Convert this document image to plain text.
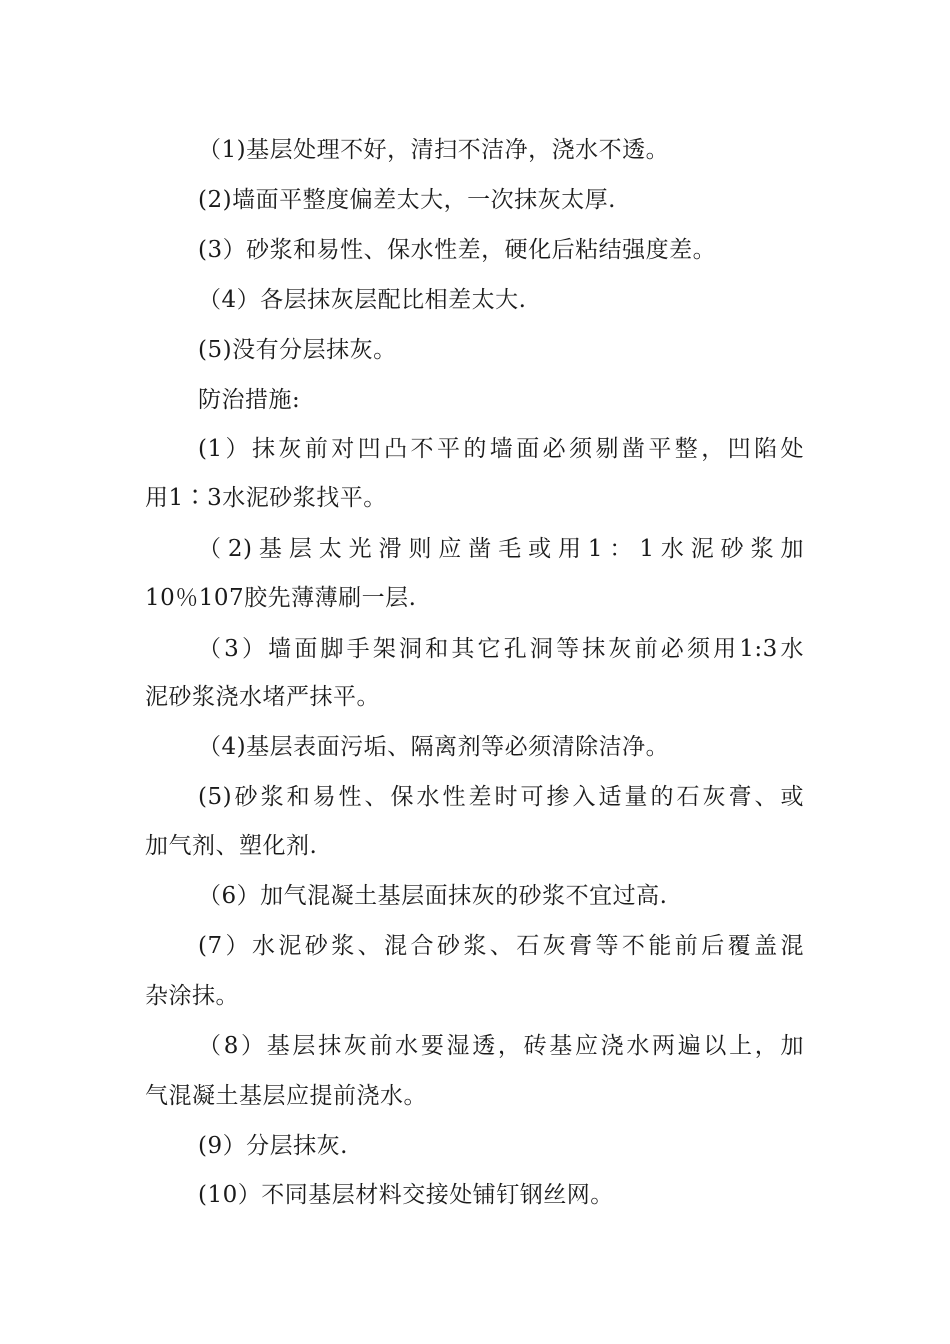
（1)基层处理不好，清扫不洁净，浇水不透。
(2)墙面平整度偏差太大，一次抹灰太厚.
(3）砂浆和易性、保水性差，硬化后粘结强度差。
（4）各层抹灰层配比相差太大.
(5)没有分层抹灰。
防治措施:
(1）抹灰前对凹凸不平的墙面必须剔凿平整，凹陷处
用1∶3水泥砂浆找平。
（2)基层太光滑则应凿毛或用1：1水泥砂浆加
10％107胶先薄薄刷一层.
（3）墙面脚手架洞和其它孔洞等抹灰前必须用1:3水
泥砂浆浇水堵严抹平。
（4)基层表面污垢、隔离剂等必须清除洁净。
(5)砂浆和易性、保水性差时可掺入适量的石灰膏、或
加气剂、塑化剂.
（6）加气混凝土基层面抹灰的砂浆不宜过高.
(7）水泥砂浆、混合砂浆、石灰膏等不能前后覆盖混
杂涂抹。
（8）基层抹灰前水要湿透，砖基应浇水两遍以上，加
气混凝土基层应提前浇水。
(9）分层抹灰.
(10）不同基层材料交接处铺钉钢丝网。
